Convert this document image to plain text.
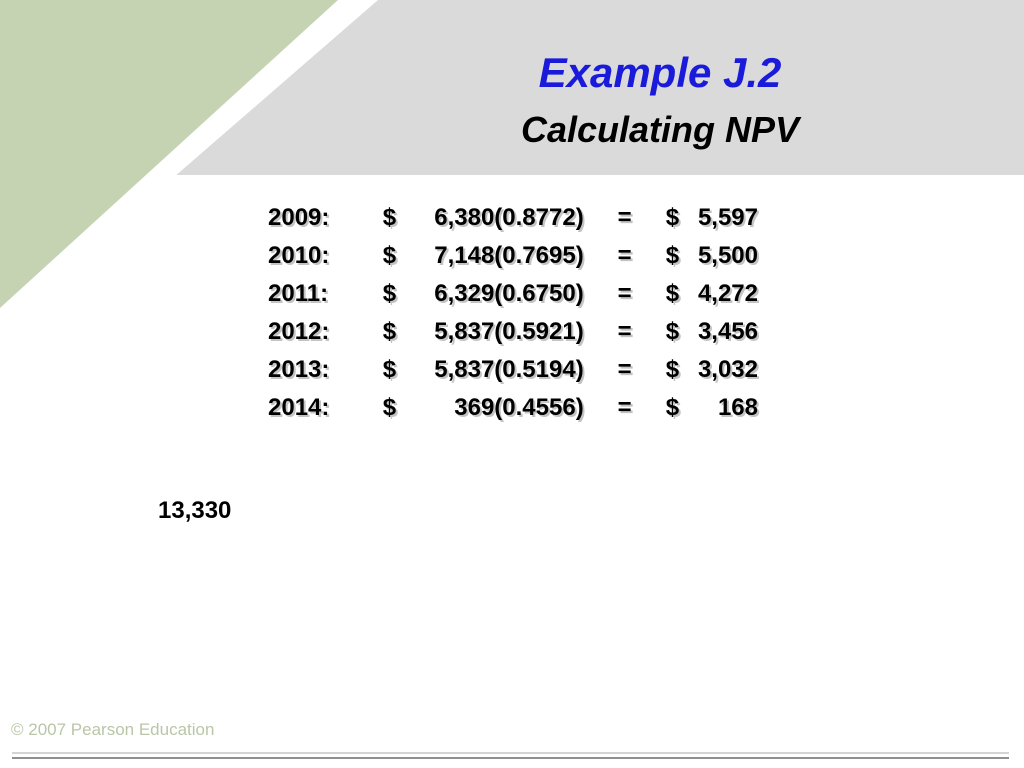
Example J.2
Calculating NPV
2009:	$	6,380(0.8772)	=	$	5,597
2010:	$	7,148(0.7695)	=	$	5,500
2011:	$	6,329(0.6750)	=	$	4,272
2012:	$	5,837(0.5921)	=	$	3,456
2013:	$	5,837(0.5194)	=	$	3,032
2014:	$	369(0.4556)	=	$	168
13,330
© 2007 Pearson Education
